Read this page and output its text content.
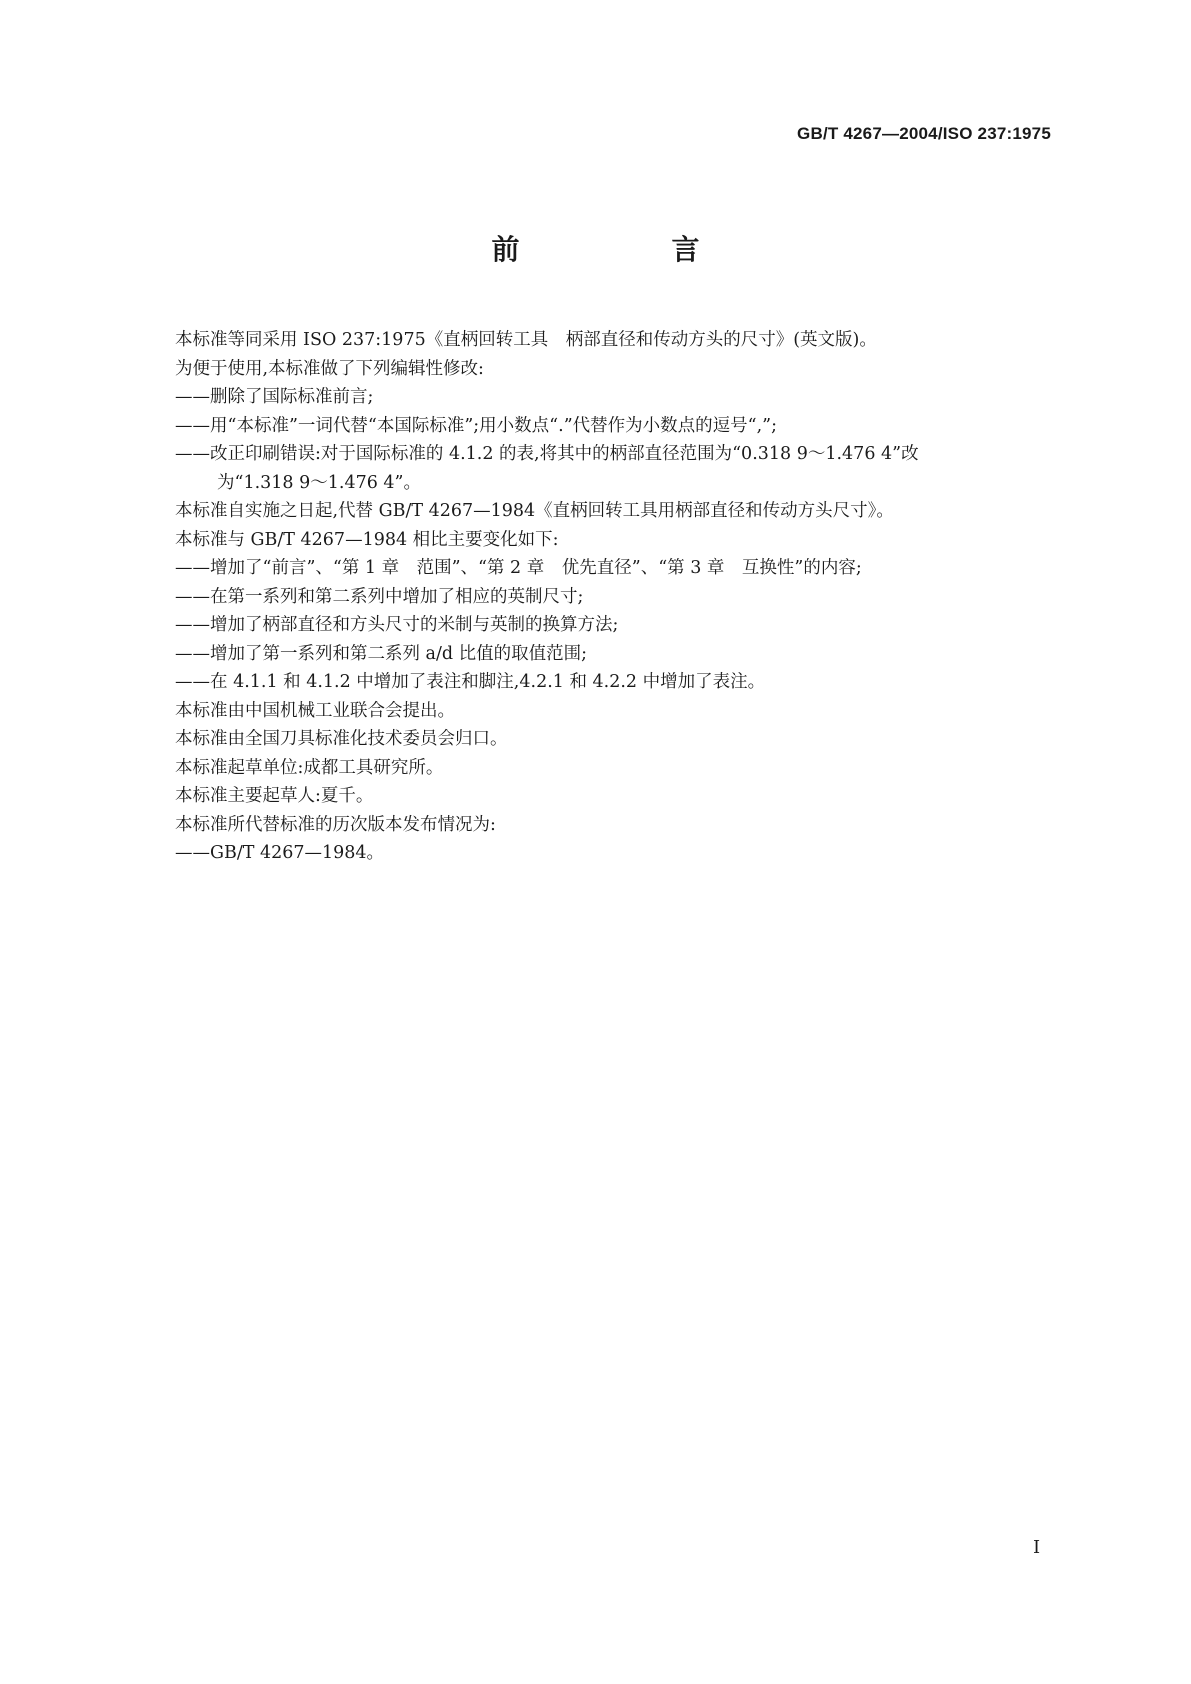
GB/T 4267—2004/ISO 237:1975
前　言
本标准等同采用 ISO 237:1975《直柄回转工具　柄部直径和传动方头的尺寸》(英文版)。
为便于使用,本标准做了下列编辑性修改:
——删除了国际标准前言;
——用“本标准”一词代替“本国际标准”;用小数点“.”代替作为小数点的逗号“,”;
——改正印刷错误:对于国际标准的 4.1.2 的表,将其中的柄部直径范围为“0.318 9～1.476 4”改
为“1.318 9～1.476 4”。
本标准自实施之日起,代替 GB/T 4267—1984《直柄回转工具用柄部直径和传动方头尺寸》。
本标准与 GB/T 4267—1984 相比主要变化如下:
——增加了“前言”、“第 1 章　范围”、“第 2 章　优先直径”、“第 3 章　互换性”的内容;
——在第一系列和第二系列中增加了相应的英制尺寸;
——增加了柄部直径和方头尺寸的米制与英制的换算方法;
——增加了第一系列和第二系列 a/d 比值的取值范围;
——在 4.1.1 和 4.1.2 中增加了表注和脚注,4.2.1 和 4.2.2 中增加了表注。
本标准由中国机械工业联合会提出。
本标准由全国刀具标准化技术委员会归口。
本标准起草单位:成都工具研究所。
本标准主要起草人:夏千。
本标准所代替标准的历次版本发布情况为:
——GB/T 4267—1984。
I
